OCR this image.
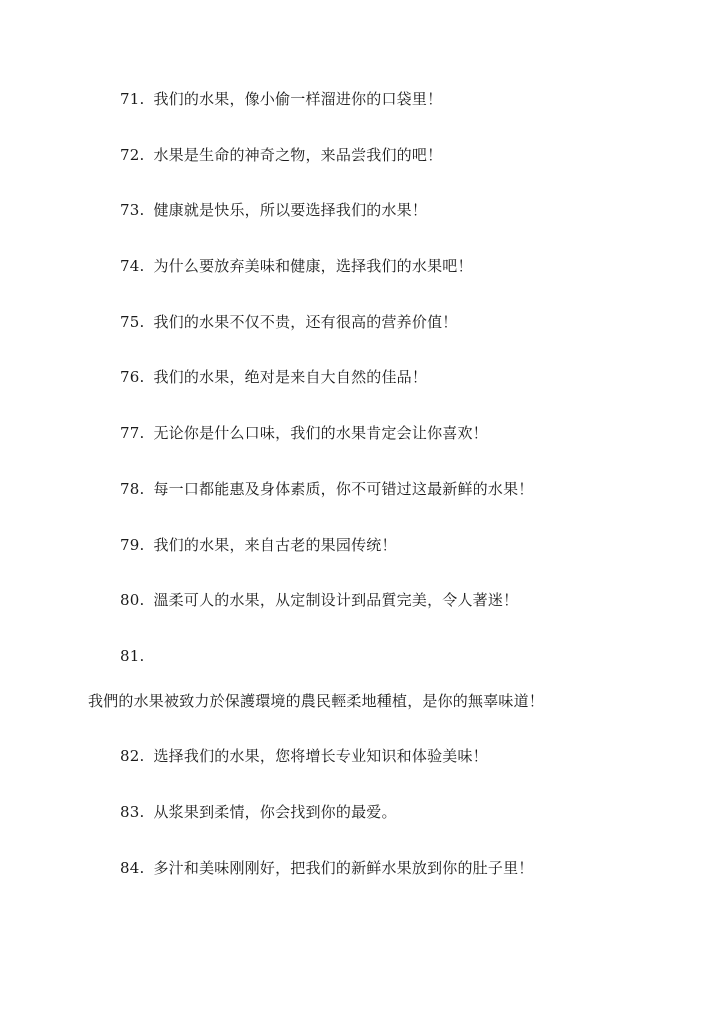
71. 我们的水果，像小偷一样溜进你的口袋里！
72. 水果是生命的神奇之物，来品尝我们的吧！
73. 健康就是快乐，所以要选择我们的水果！
74. 为什么要放弃美味和健康，选择我们的水果吧！
75. 我们的水果不仅不贵，还有很高的营养价值！
76. 我们的水果，绝对是来自大自然的佳品！
77. 无论你是什么口味，我们的水果肯定会让你喜欢！
78. 每一口都能惠及身体素质，你不可错过这最新鲜的水果！
79. 我们的水果，来自古老的果园传统！
80. 溫柔可人的水果，从定制设计到品質完美，令人著迷！
81.
我們的水果被致力於保護環境的農民輕柔地種植，是你的無辜味道！
82. 选择我们的水果，您将增长专业知识和体验美味！
83. 从浆果到柔情，你会找到你的最爱。
84. 多汁和美味刚刚好，把我们的新鲜水果放到你的肚子里！
